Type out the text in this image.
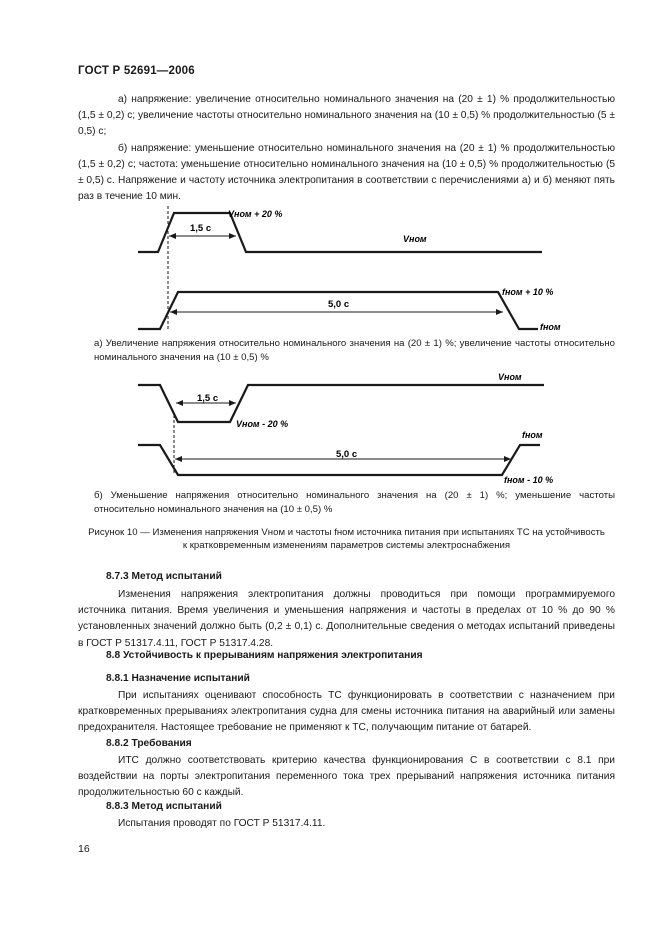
ГОСТ Р 52691—2006

а) напряжение: увеличение относительно номинального значения на (20 ± 1) % продолжительностью (1,5 ± 0,2) с; увеличение частоты относительно номинального значения на (10 ± 0,5) % продолжительностью (5 ± 0,5) с;

б) напряжение: уменьшение относительно номинального значения на (20 ± 1) % продолжительностью (1,5 ± 0,2) с; частота: уменьшение относительно номинального значения на (10 ± 0,5) % продолжительностью (5 ± 0,5) с. Напряжение и частоту источника электропитания в соответствии с перечислениями а) и б) меняют пять раз в течение 10 мин.

1,5 с
5,0 с
Vном + 20 %
Vном
fном + 10 %
fном
а) Увеличение напряжения относительно номинального значения на (20 ± 1) %; увеличение частоты относительно номинального значения на (10 ± 0,5) %
1,5 с
5,0 с
Vном
Vном - 20 %
fном
fном - 10 %
б) Уменьшение напряжения относительно номинального значения на (20 ± 1) %; уменьшение частоты относительно номинального значения на (10 ± 0,5) %
Рисунок 10 — Изменения напряжения Vном и частоты fном источника питания при испытаниях ТС на устойчивость
к кратковременным изменениям параметров системы электроснабжения
8.7.3 Метод испытаний

Изменения напряжения электропитания должны проводиться при помощи программируемого источника питания. Время увеличения и уменьшения напряжения и частоты в пределах от 10 % до 90 % установленных значений должно быть (0,2 ± 0,1) с. Дополнительные сведения о методах испытаний приведены в ГОСТ Р 51317.4.11, ГОСТ Р 51317.4.28.

8.8 Устойчивость к прерываниям напряжения электропитания
8.8.1 Назначение испытаний

При испытаниях оценивают способность ТС функционировать в соответствии с назначением при кратковременных прерываниях электропитания судна для смены источника питания на аварийный или замены предохранителя. Настоящее требование не применяют к ТС, получающим питание от батарей.

8.8.2 Требования

ИТС должно соответствовать критерию качества функционирования С в соответствии с 8.1 при воздействии на порты электропитания переменного тока трех прерываний напряжения источника питания продолжительностью 60 с каждый.

8.8.3 Метод испытаний

Испытания проводят по ГОСТ Р 51317.4.11.

16
